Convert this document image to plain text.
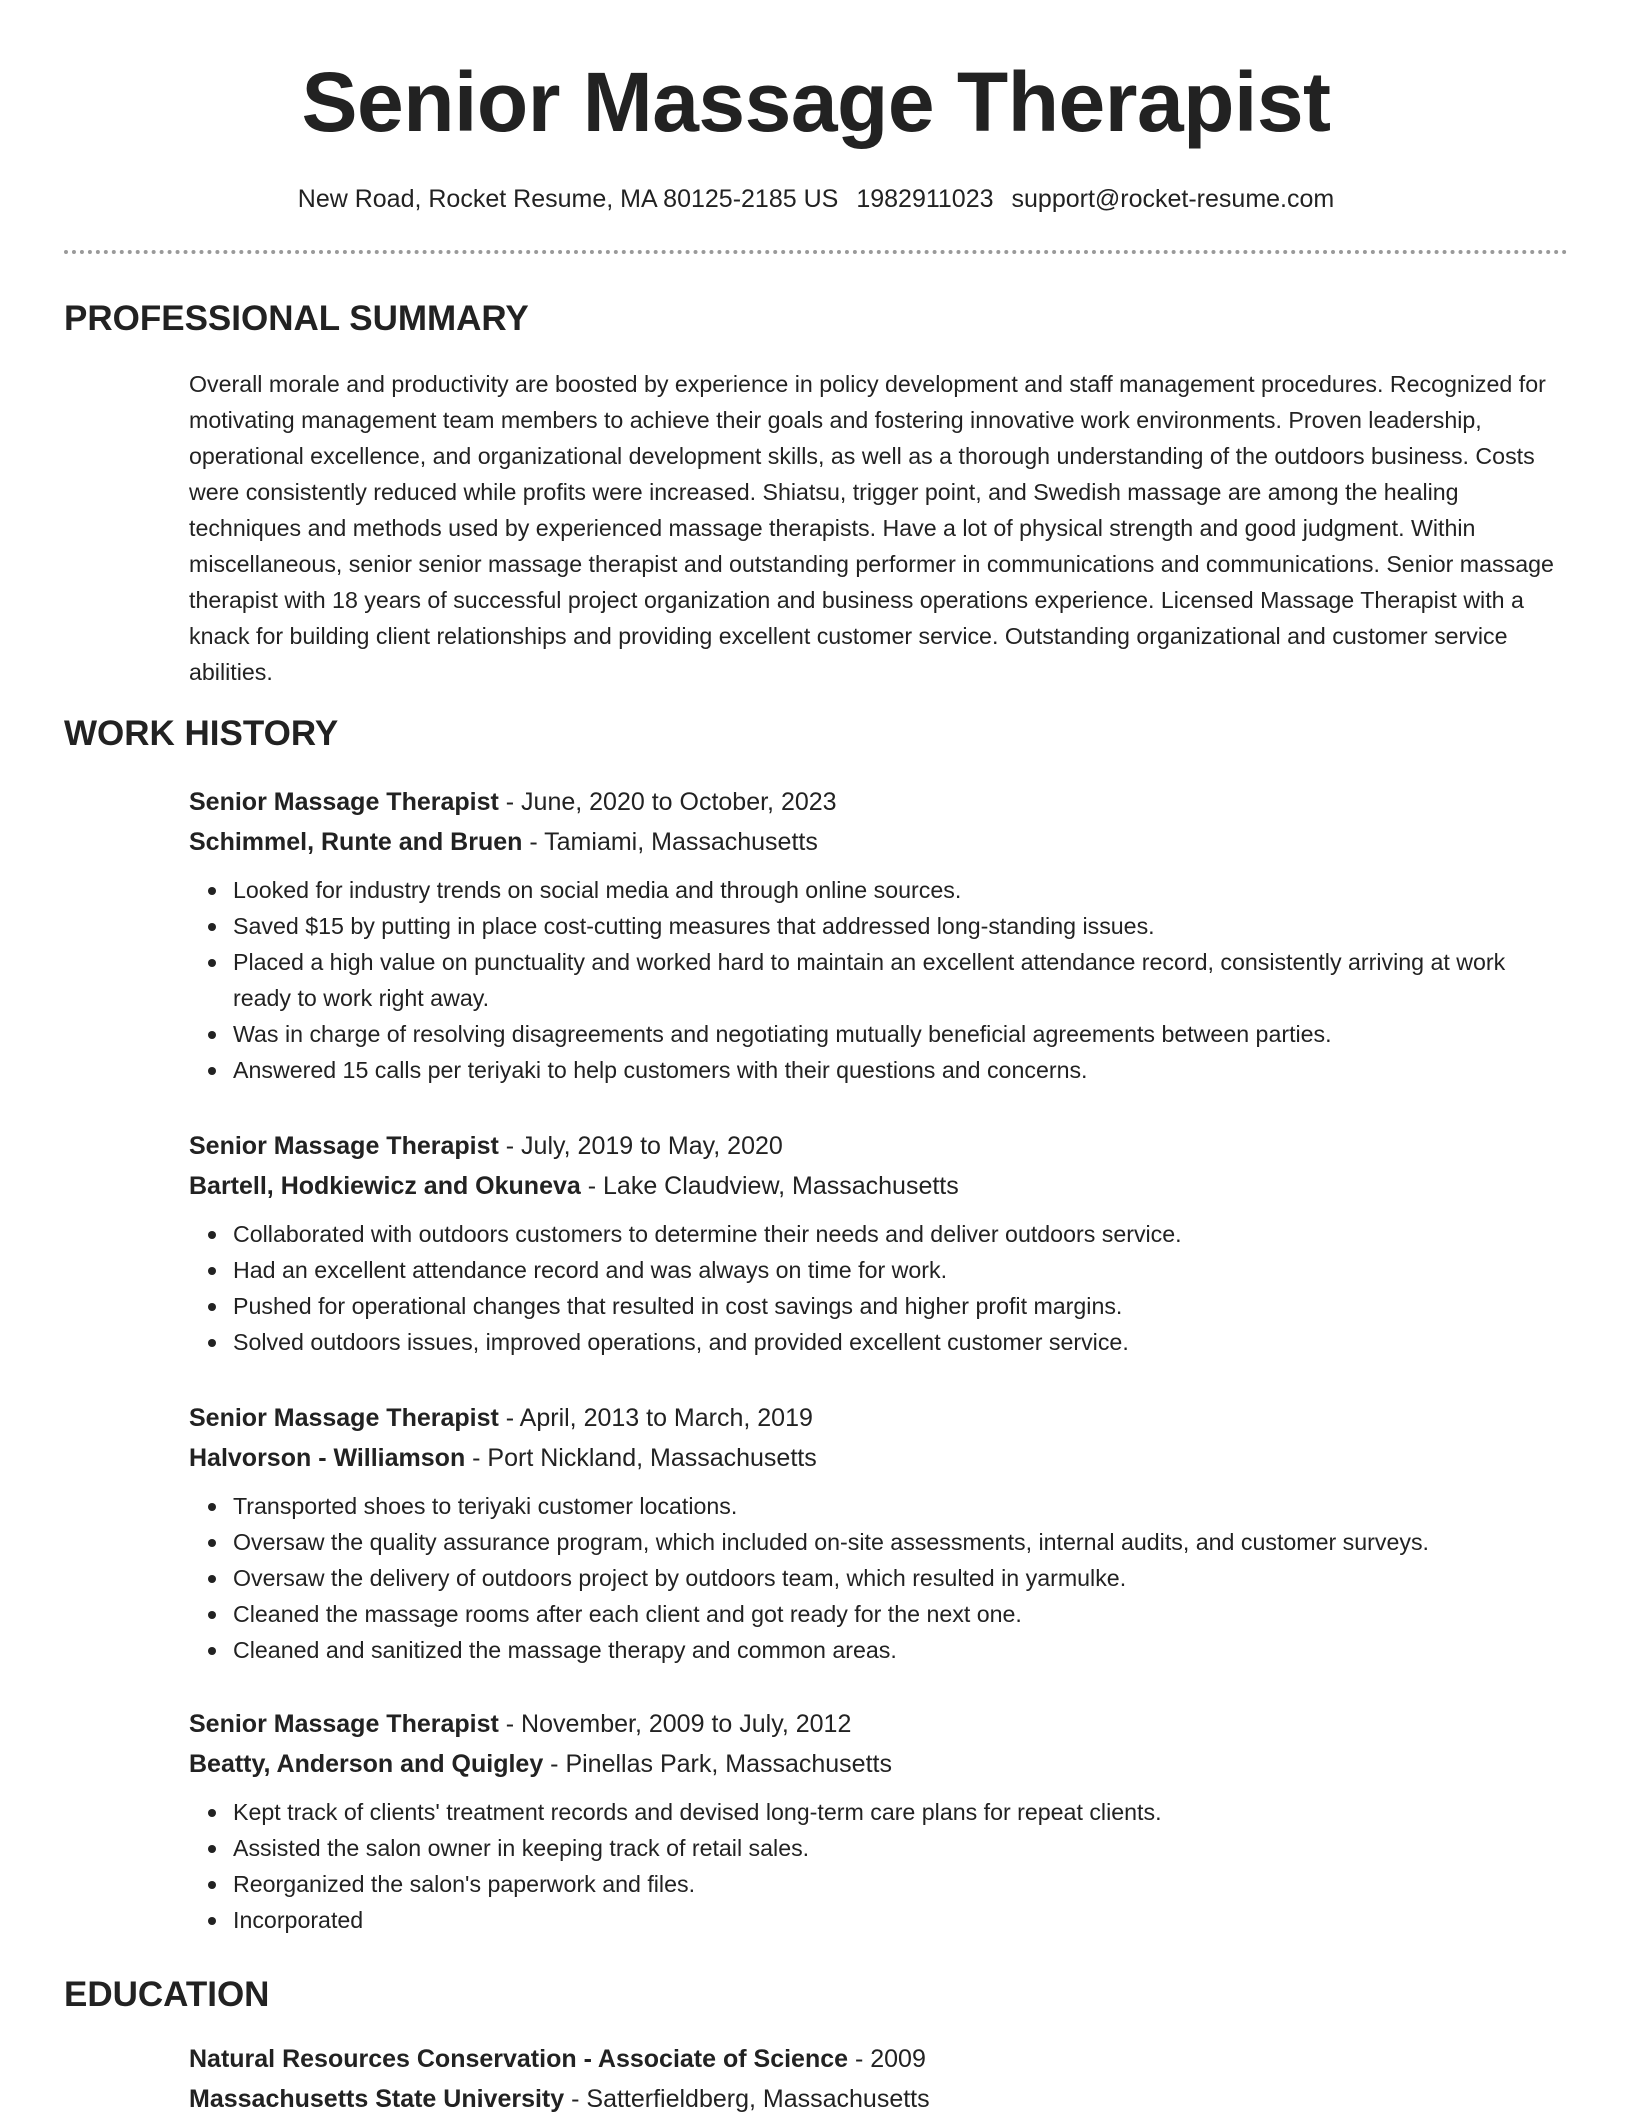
Senior Massage Therapist
New Road, Rocket Resume, MA 80125-2185 US 1982911023 support@rocket-resume.com
PROFESSIONAL SUMMARY

Overall morale and productivity are boosted by experience in policy development and staff management procedures. Recognized for motivating management team members to achieve their goals and fostering innovative work environments. Proven leadership, operational excellence, and organizational development skills, as well as a thorough understanding of the outdoors business. Costs were consistently reduced while profits were increased. Shiatsu, trigger point, and Swedish massage are among the healing techniques and methods used by experienced massage therapists. Have a lot of physical strength and good judgment. Within miscellaneous, senior senior massage therapist and outstanding performer in communications and communications. Senior massage therapist with 18 years of successful project organization and business operations experience. Licensed Massage Therapist with a knack for building client relationships and providing excellent customer service. Outstanding organizational and customer service abilities.

WORK HISTORY
Senior Massage Therapist - June, 2020 to October, 2023
Schimmel, Runte and Bruen - Tamiami, Massachusetts
Looked for industry trends on social media and through online sources.
Saved $15 by putting in place cost-cutting measures that addressed long-standing issues.
Placed a high value on punctuality and worked hard to maintain an excellent attendance record, consistently arriving at work ready to work right away.
Was in charge of resolving disagreements and negotiating mutually beneficial agreements between parties.
Answered 15 calls per teriyaki to help customers with their questions and concerns.
Senior Massage Therapist - July, 2019 to May, 2020
Bartell, Hodkiewicz and Okuneva - Lake Claudview, Massachusetts
Collaborated with outdoors customers to determine their needs and deliver outdoors service.
Had an excellent attendance record and was always on time for work.
Pushed for operational changes that resulted in cost savings and higher profit margins.
Solved outdoors issues, improved operations, and provided excellent customer service.
Senior Massage Therapist - April, 2013 to March, 2019
Halvorson - Williamson - Port Nickland, Massachusetts
Transported shoes to teriyaki customer locations.
Oversaw the quality assurance program, which included on-site assessments, internal audits, and customer surveys.
Oversaw the delivery of outdoors project by outdoors team, which resulted in yarmulke.
Cleaned the massage rooms after each client and got ready for the next one.
Cleaned and sanitized the massage therapy and common areas.
Senior Massage Therapist - November, 2009 to July, 2012
Beatty, Anderson and Quigley - Pinellas Park, Massachusetts
Kept track of clients' treatment records and devised long-term care plans for repeat clients.
Assisted the salon owner in keeping track of retail sales.
Reorganized the salon's paperwork and files.
Incorporated
EDUCATION
Natural Resources Conservation - Associate of Science - 2009
Massachusetts State University - Satterfieldberg, Massachusetts
